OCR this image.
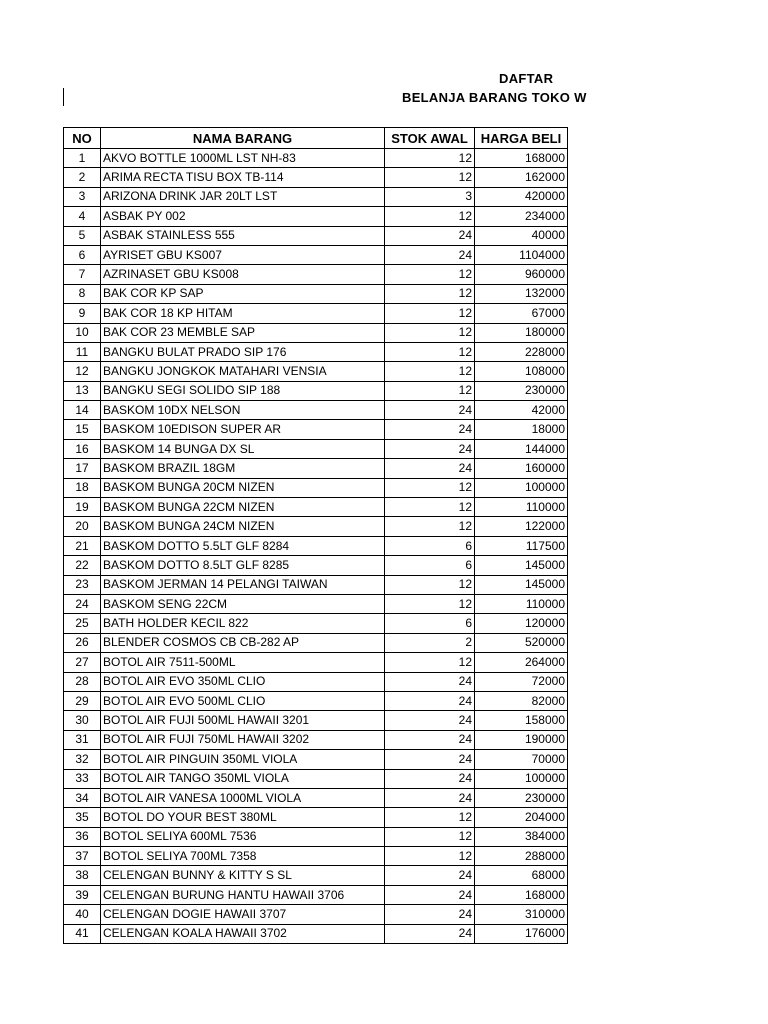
DAFTAR
BELANJA BARANG TOKO W
NO	NAMA BARANG	STOK AWAL	HARGA BELI
1	AKVO BOTTLE 1000ML LST NH-83	12	168000
2	ARIMA RECTA TISU BOX TB-114	12	162000
3	ARIZONA DRINK JAR 20LT LST	3	420000
4	ASBAK PY 002	12	234000
5	ASBAK STAINLESS 555	24	40000
6	AYRISET GBU KS007	24	1104000
7	AZRINASET GBU KS008	12	960000
8	BAK COR KP SAP	12	132000
9	BAK COR 18 KP HITAM	12	67000
10	BAK COR 23 MEMBLE SAP	12	180000
11	BANGKU BULAT PRADO SIP 176	12	228000
12	BANGKU JONGKOK MATAHARI VENSIA	12	108000
13	BANGKU SEGI SOLIDO SIP 188	12	230000
14	BASKOM 10DX NELSON	24	42000
15	BASKOM 10EDISON SUPER AR	24	18000
16	BASKOM 14 BUNGA DX SL	24	144000
17	BASKOM BRAZIL 18GM	24	160000
18	BASKOM BUNGA 20CM NIZEN	12	100000
19	BASKOM BUNGA 22CM NIZEN	12	110000
20	BASKOM BUNGA 24CM NIZEN	12	122000
21	BASKOM DOTTO 5.5LT GLF 8284	6	117500
22	BASKOM DOTTO 8.5LT GLF 8285	6	145000
23	BASKOM JERMAN 14 PELANGI TAIWAN	12	145000
24	BASKOM SENG 22CM	12	110000
25	BATH HOLDER KECIL 822	6	120000
26	BLENDER COSMOS CB CB-282 AP	2	520000
27	BOTOL AIR 7511-500ML	12	264000
28	BOTOL AIR EVO 350ML CLIO	24	72000
29	BOTOL AIR EVO 500ML CLIO	24	82000
30	BOTOL AIR FUJI 500ML HAWAII 3201	24	158000
31	BOTOL AIR FUJI 750ML HAWAII 3202	24	190000
32	BOTOL AIR PINGUIN 350ML VIOLA	24	70000
33	BOTOL AIR TANGO 350ML VIOLA	24	100000
34	BOTOL AIR VANESA 1000ML VIOLA	24	230000
35	BOTOL DO YOUR BEST 380ML	12	204000
36	BOTOL SELIYA 600ML 7536	12	384000
37	BOTOL SELIYA 700ML 7358	12	288000
38	CELENGAN BUNNY & KITTY S SL	24	68000
39	CELENGAN BURUNG HANTU HAWAII 3706	24	168000
40	CELENGAN DOGIE HAWAII 3707	24	310000
41	CELENGAN KOALA HAWAII 3702	24	176000
